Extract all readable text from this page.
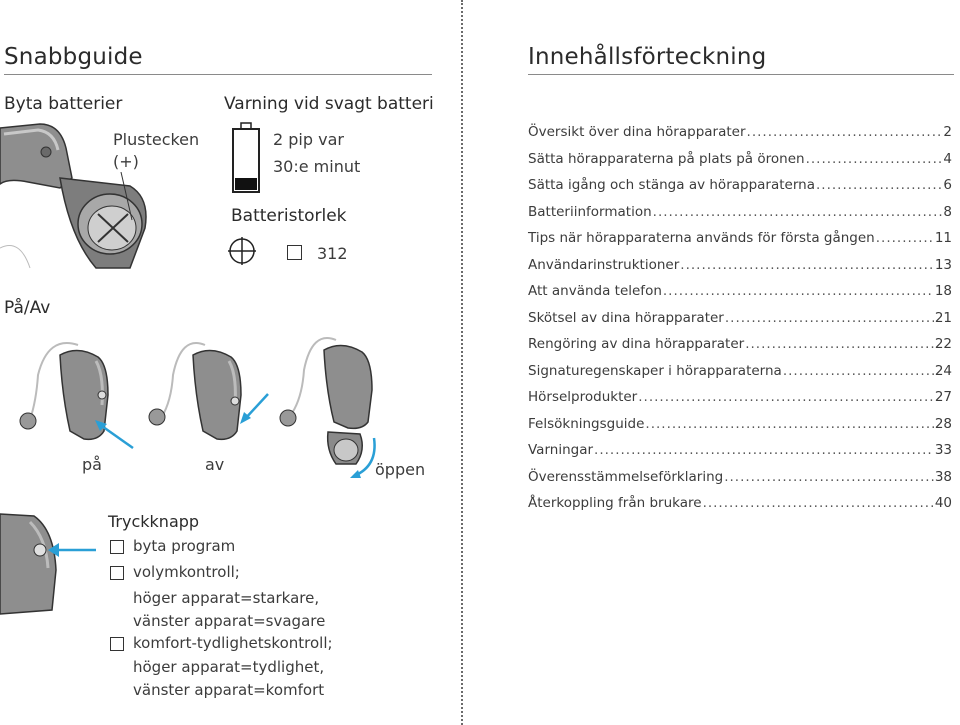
Snabbguide
Byta batterier	Varning vid svagt batteri
Plustecken
(+)
2 pip var
30:e minut
Batteristorlek
312
På/Av
på	av	öppen
Tryckknapp
byta program
volymkontroll;
höger apparat=starkare,
vänster apparat=svagare
komfort-tydlighetskontroll;
höger apparat=tydlighet,
vänster apparat=komfort
Innehållsförteckning
Översikt över dina hörapparater .....	2
Sätta hörapparaterna på plats på öronen .....	4
Sätta igång och stänga av hörapparaterna .....	6
Batteriinformation .....	8
Tips när hörapparaterna används för första gången .....	11
Användarinstruktioner .....	13
Att använda telefon .....	18
Skötsel av dina hörapparater .....	21
Rengöring av dina hörapparater .....	22
Signaturegenskaper i hörapparaterna .....	24
Hörselprodukter .....	27
Felsökningsguide .....	28
Varningar .....	33
Överensstämmelseförklaring .....	38
Återkoppling från brukare .....	40
